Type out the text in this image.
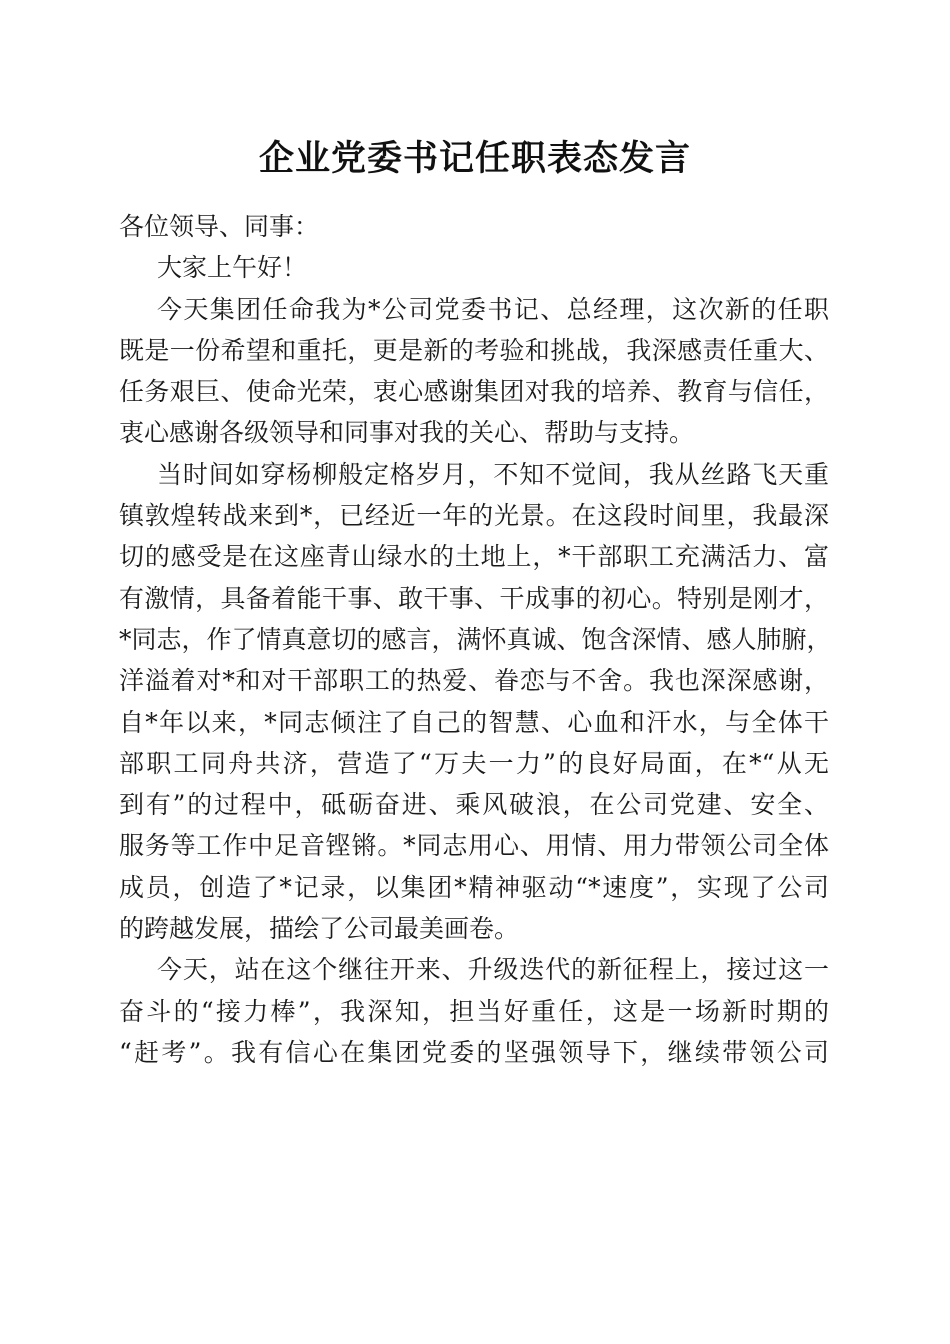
企业党委书记任职表态发言
各位领导、同事：
大家上午好！
今天集团任命我为*公司党委书记、总经理，这次新的任职
既是一份希望和重托，更是新的考验和挑战，我深感责任重大、
任务艰巨、使命光荣，衷心感谢集团对我的培养、教育与信任，
衷心感谢各级领导和同事对我的关心、帮助与支持。
当时间如穿杨柳般定格岁月，不知不觉间，我从丝路飞天重
镇敦煌转战来到*，已经近一年的光景。在这段时间里，我最深
切的感受是在这座青山绿水的土地上，*干部职工充满活力、富
有激情，具备着能干事、敢干事、干成事的初心。特别是刚才，
*同志，作了情真意切的感言，满怀真诚、饱含深情、感人肺腑，
洋溢着对*和对干部职工的热爱、眷恋与不舍。我也深深感谢，
自*年以来，*同志倾注了自己的智慧、心血和汗水，与全体干
部职工同舟共济，营造了“万夫一力”的良好局面，在*“从无
到有”的过程中，砥砺奋进、乘风破浪，在公司党建、安全、
服务等工作中足音铿锵。*同志用心、用情、用力带领公司全体
成员，创造了*记录，以集团*精神驱动“*速度”，实现了公司
的跨越发展，描绘了公司最美画卷。
今天，站在这个继往开来、升级迭代的新征程上，接过这一
奋斗的“接力棒”，我深知，担当好重任，这是一场新时期的
“赶考”。我有信心在集团党委的坚强领导下，继续带领公司
